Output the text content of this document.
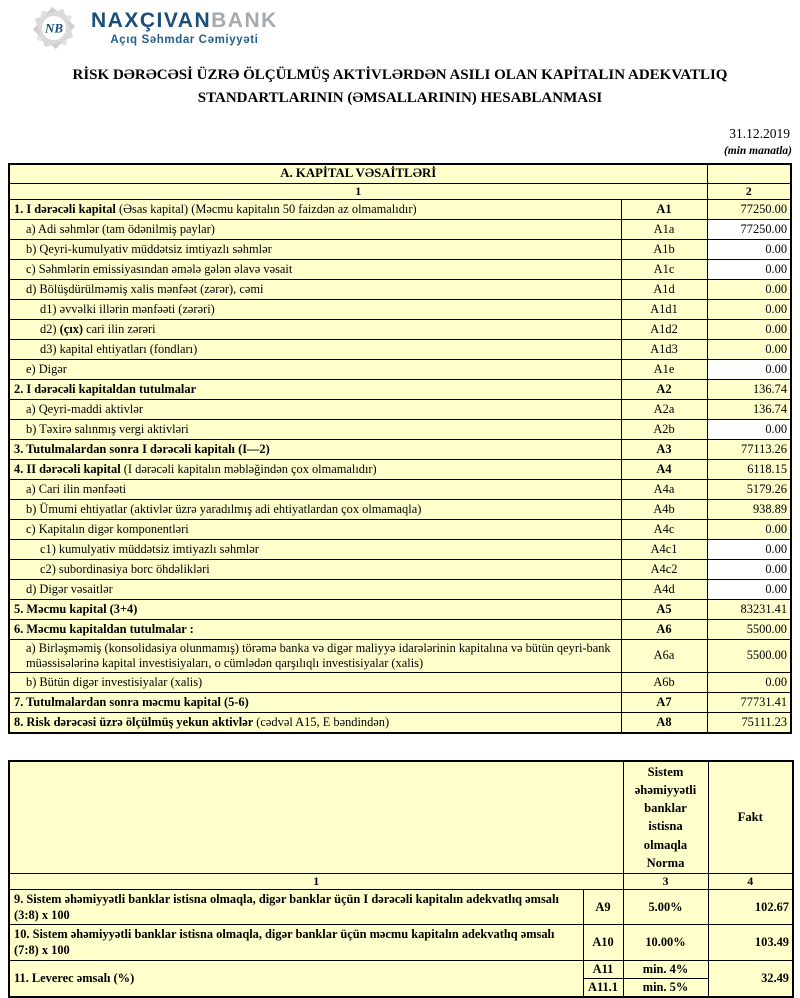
NB NAXÇIVANBANK
Açıq Səhmdar Cəmiyyəti
RİSK DƏRƏCƏSİ ÜZRƏ ÖLÇÜLMÜŞ AKTİVLƏRDƏN ASILI OLAN KAPİTALIN ADEKVATLIQ STANDARTLARININ (ƏMSALLARININ) HESABLANMASI
31.12.2019
(min manatla)
A. KAPİTAL VƏSAİTLƏRİ		
1		2
1. I dərəcəli kapital (Əsas kapital) (Məcmu kapitalın 50 faizdən az olmamalıdır)	A1	77250.00
a) Adi səhmlər (tam ödənilmiş paylar)	A1a	77250.00
b) Qeyri-kumulyativ müddətsiz imtiyazlı səhmlər	A1b	0.00
c) Səhmlərin emissiyasından əmələ gələn əlavə vəsait	A1c	0.00
d) Bölüşdürülməmiş xalis mənfəət (zərər), cəmi	A1d	0.00
d1) əvvəlki illərin mənfəəti (zərəri)	A1d1	0.00
d2) (çıx) cari ilin zərəri	A1d2	0.00
d3) kapital ehtiyatları (fondları)	A1d3	0.00
e) Digər	A1e	0.00
2. I dərəcəli kapitaldan tutulmalar	A2	136.74
a) Qeyri-maddi aktivlər	A2a	136.74
b) Təxirə salınmış vergi aktivləri	A2b	0.00
3. Tutulmalardan sonra I dərəcəli kapitalı (I—2)	A3	77113.26
4. II dərəcəli kapital (I dərəcəli kapitalın məbləğindən çox olmamalıdır)	A4	6118.15
a) Cari ilin mənfəəti	A4a	5179.26
b) Ümumi ehtiyatlar (aktivlər üzrə yaradılmış adi ehtiyatlardan çox olmamaqla)	A4b	938.89
c) Kapitalın digər komponentləri	A4c	0.00
c1) kumulyativ müddətsiz imtiyazlı səhmlər	A4c1	0.00
c2) subordinasiya borc öhdəlikləri	A4c2	0.00
d) Digər vəsaitlər	A4d	0.00
5. Məcmu kapital (3+4)	A5	83231.41
6. Məcmu kapitaldan tutulmalar :	A6	5500.00
a) Birləşməmiş (konsolidasiya olunmamış) törəmə banka və digər maliyyə idarələrinin kapitalına və bütün qeyri-bank müəssisələrinə kapital investisiyaları, o cümlədən qarşılıqlı investisiyalar (xalis)	A6a	5500.00
b) Bütün digər investisiyalar (xalis)	A6b	0.00
7. Tutulmalardan sonra məcmu kapital (5-6)	A7	77731.41
8. Risk dərəcəsi üzrə ölçülmüş yekun aktivlər (cədvəl A15, E bəndindən)	A8	75111.23
		Sistem əhəmiyyətli banklar istisna olmaqla Norma	Fakt
1		3	4

9. Sistem əhəmiyyətli banklar istisna olmaqla, digər banklar üçün I dərəcəli kapitalın adekvatlıq əmsalı
(3:8) x 100	A9	5.00%	102.67

10. Sistem əhəmiyyətli banklar istisna olmaqla, digər banklar üçün məcmu kapitalın adekvatlıq əmsalı
(7:8) x 100	A10	10.00%	103.49
11. Leverec əmsalı (%)	A11	min. 4%	32.49
	A11.1	min. 5%	
